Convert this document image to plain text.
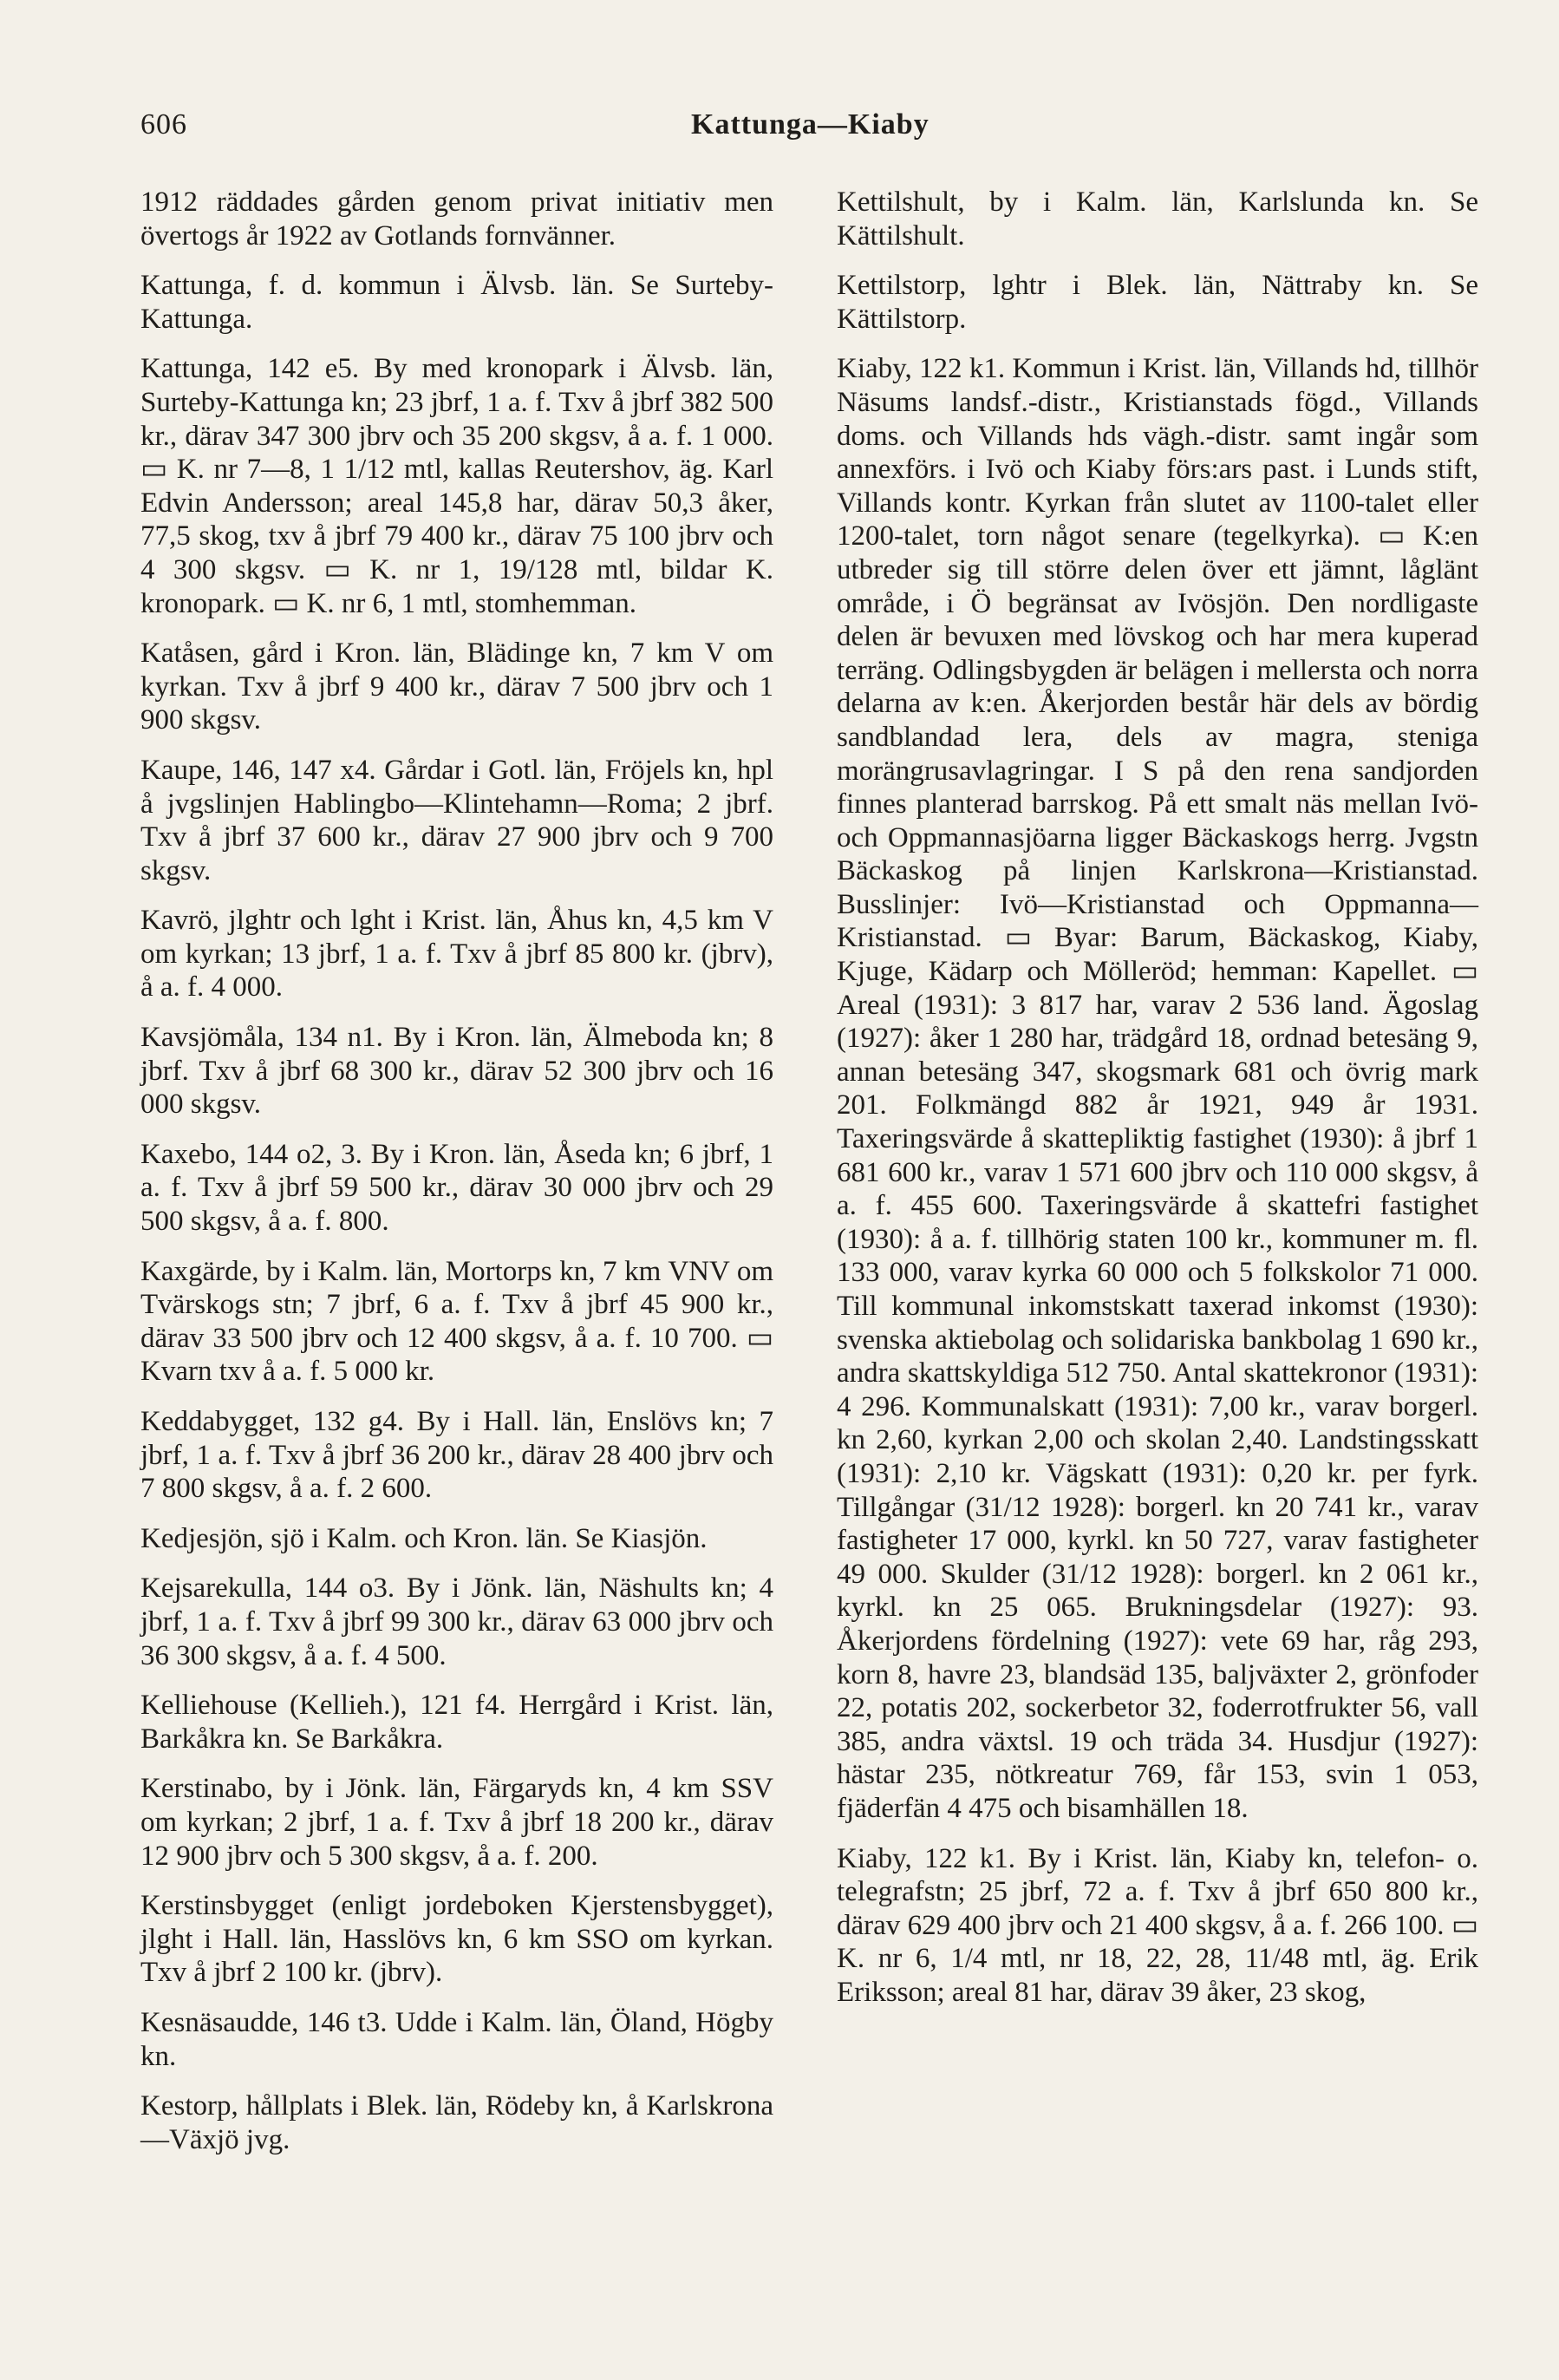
606	Kattunga—Kiaby

1912 räddades gården genom privat initiativ men övertogs år 1922 av Gotlands fornvänner.

Kattunga, f. d. kommun i Älvsb. län. Se Surteby-Kattunga.

Kattunga, 142 e5. By med kronopark i Älvsb. län, Surteby-Kattunga kn; 23 jbrf, 1 a. f. Txv å jbrf 382 500 kr., därav 347 300 jbrv och 35 200 skgsv, å a. f. 1 000. ▭ K. nr 7—8, 1 1/12 mtl, kallas Reutershov, äg. Karl Edvin Andersson; areal 145,8 har, därav 50,3 åker, 77,5 skog, txv å jbrf 79 400 kr., därav 75 100 jbrv och 4 300 skgsv. ▭ K. nr 1, 19/128 mtl, bildar K. kronopark. ▭ K. nr 6, 1 mtl, stomhemman.

Katåsen, gård i Kron. län, Blädinge kn, 7 km V om kyrkan. Txv å jbrf 9 400 kr., därav 7 500 jbrv och 1 900 skgsv.

Kaupe, 146, 147 x4. Gårdar i Gotl. län, Fröjels kn, hpl å jvgslinjen Hablingbo—Klintehamn—Roma; 2 jbrf. Txv å jbrf 37 600 kr., därav 27 900 jbrv och 9 700 skgsv.

Kavrö, jlghtr och lght i Krist. län, Åhus kn, 4,5 km V om kyrkan; 13 jbrf, 1 a. f. Txv å jbrf 85 800 kr. (jbrv), å a. f. 4 000.

Kavsjömåla, 134 n1. By i Kron. län, Älmeboda kn; 8 jbrf. Txv å jbrf 68 300 kr., därav 52 300 jbrv och 16 000 skgsv.

Kaxebo, 144 o2, 3. By i Kron. län, Åseda kn; 6 jbrf, 1 a. f. Txv å jbrf 59 500 kr., därav 30 000 jbrv och 29 500 skgsv, å a. f. 800.

Kaxgärde, by i Kalm. län, Mortorps kn, 7 km VNV om Tvärskogs stn; 7 jbrf, 6 a. f. Txv å jbrf 45 900 kr., därav 33 500 jbrv och 12 400 skgsv, å a. f. 10 700. ▭ Kvarn txv å a. f. 5 000 kr.

Keddabygget, 132 g4. By i Hall. län, Enslövs kn; 7 jbrf, 1 a. f. Txv å jbrf 36 200 kr., därav 28 400 jbrv och 7 800 skgsv, å a. f. 2 600.

Kedjesjön, sjö i Kalm. och Kron. län. Se Kiasjön.

Kejsarekulla, 144 o3. By i Jönk. län, Näshults kn; 4 jbrf, 1 a. f. Txv å jbrf 99 300 kr., därav 63 000 jbrv och 36 300 skgsv, å a. f. 4 500.

Kelliehouse (Kellieh.), 121 f4. Herrgård i Krist. län, Barkåkra kn. Se Barkåkra.

Kerstinabo, by i Jönk. län, Färgaryds kn, 4 km SSV om kyrkan; 2 jbrf, 1 a. f. Txv å jbrf 18 200 kr., därav 12 900 jbrv och 5 300 skgsv, å a. f. 200.

Kerstinsbygget (enligt jordeboken Kjerstensbygget), jlght i Hall. län, Hasslövs kn, 6 km SSO om kyrkan. Txv å jbrf 2 100 kr. (jbrv).

Kesnäsaudde, 146 t3. Udde i Kalm. län, Öland, Högby kn.

Kestorp, hållplats i Blek. län, Rödeby kn, å Karlskrona—Växjö jvg.

Kettilshult, by i Kalm. län, Karlslunda kn. Se Kättilshult.

Kettilstorp, lghtr i Blek. län, Nättraby kn. Se Kättilstorp.

Kiaby, 122 k1. Kommun i Krist. län, Villands hd, tillhör Näsums landsf.-distr., Kristianstads fögd., Villands doms. och Villands hds vägh.-distr. samt ingår som annexförs. i Ivö och Kiaby förs:ars past. i Lunds stift, Villands kontr. Kyrkan från slutet av 1100-talet eller 1200-talet, torn något senare (tegelkyrka). ▭ K:en utbreder sig till större delen över ett jämnt, låglänt område, i Ö begränsat av Ivösjön. Den nordligaste delen är bevuxen med lövskog och har mera kuperad terräng. Odlingsbygden är belägen i mellersta och norra delarna av k:en. Åkerjorden består här dels av bördig sandblandad lera, dels av magra, steniga morängrusavlagringar. I S på den rena sandjorden finnes planterad barrskog. På ett smalt näs mellan Ivö- och Oppmannasjöarna ligger Bäckaskogs herrg. Jvgstn Bäckaskog på linjen Karlskrona—Kristianstad. Busslinjer: Ivö—Kristianstad och Oppmanna—Kristianstad. ▭ Byar: Barum, Bäckaskog, Kiaby, Kjuge, Kädarp och Mölleröd; hemman: Kapellet. ▭ Areal (1931): 3 817 har, varav 2 536 land. Ägoslag (1927): åker 1 280 har, trädgård 18, ordnad betesäng 9, annan betesäng 347, skogsmark 681 och övrig mark 201. Folkmängd 882 år 1921, 949 år 1931. Taxeringsvärde å skattepliktig fastighet (1930): å jbrf 1 681 600 kr., varav 1 571 600 jbrv och 110 000 skgsv, å a. f. 455 600. Taxeringsvärde å skattefri fastighet (1930): å a. f. tillhörig staten 100 kr., kommuner m. fl. 133 000, varav kyrka 60 000 och 5 folkskolor 71 000. Till kommunal inkomstskatt taxerad inkomst (1930): svenska aktiebolag och solidariska bankbolag 1 690 kr., andra skattskyldiga 512 750. Antal skattekronor (1931): 4 296. Kommunalskatt (1931): 7,00 kr., varav borgerl. kn 2,60, kyrkan 2,00 och skolan 2,40. Landstingsskatt (1931): 2,10 kr. Vägskatt (1931): 0,20 kr. per fyrk. Tillgångar (31/12 1928): borgerl. kn 20 741 kr., varav fastigheter 17 000, kyrkl. kn 50 727, varav fastigheter 49 000. Skulder (31/12 1928): borgerl. kn 2 061 kr., kyrkl. kn 25 065. Brukningsdelar (1927): 93. Åkerjordens fördelning (1927): vete 69 har, råg 293, korn 8, havre 23, blandsäd 135, baljväxter 2, grönfoder 22, potatis 202, sockerbetor 32, foderrotfrukter 56, vall 385, andra växtsl. 19 och träda 34. Husdjur (1927): hästar 235, nötkreatur 769, får 153, svin 1 053, fjäderfän 4 475 och bisamhällen 18.

Kiaby, 122 k1. By i Krist. län, Kiaby kn, telefon- o. telegrafstn; 25 jbrf, 72 a. f. Txv å jbrf 650 800 kr., därav 629 400 jbrv och 21 400 skgsv, å a. f. 266 100. ▭ K. nr 6, 1/4 mtl, nr 18, 22, 28, 11/48 mtl, äg. Erik Eriksson; areal 81 har, därav 39 åker, 23 skog,
